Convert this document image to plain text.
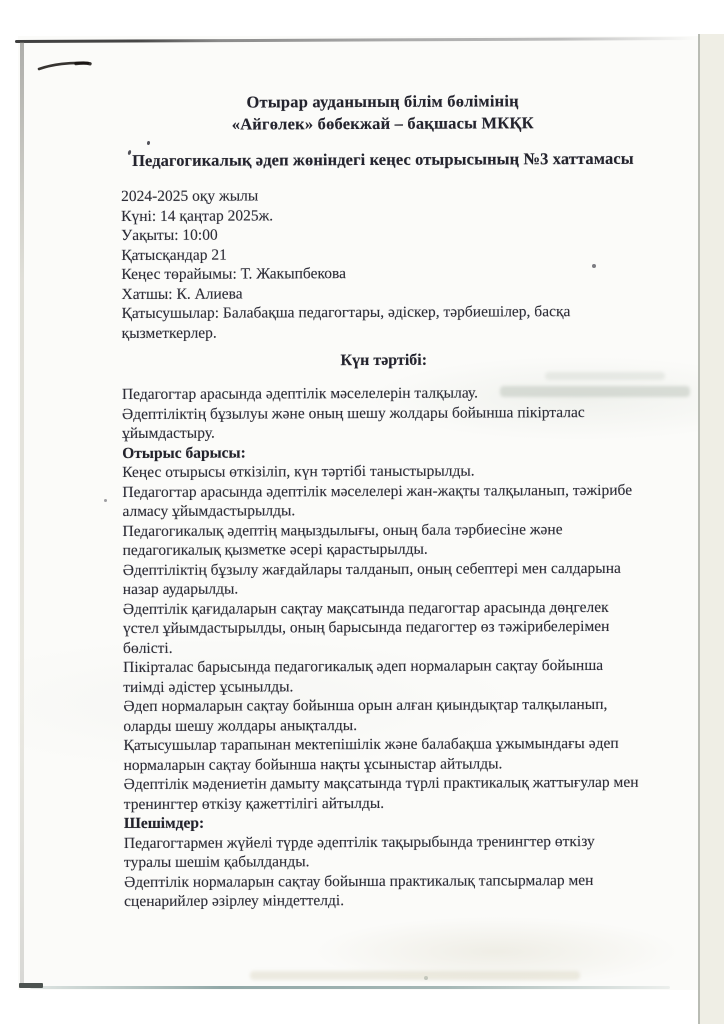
Отырар ауданының білім бөлімінің
«Айгөлек» бөбекжай – бақшасы МКҚК
Педагогикалық әдеп жөніндегі кеңес отырысының №3 хаттамасы

2024-2025 оқу жылы

Күні: 14 қаңтар 2025ж.

Уақыты: 10:00

Қатысқандар 21

Кеңес төрайымы: Т. Жакыпбекова

Хатшы: К. Алиева

Қатысушылар: Балабақша педагогтары, әдіскер, тәрбиешілер, басқа
қызметкерлер.

Күн тәртібі:

Педагогтар арасында әдептілік мәселелерін талқылау.

Әдептіліктің бұзылуы және оның шешу жолдары бойынша пікірталас
ұйымдастыру.

Отырыс барысы:

Кеңес отырысы өткізіліп, күн тәртібі таныстырылды.

Педагогтар арасында әдептілік мәселелері жан-жақты талқыланып, тәжірибе
алмасу ұйымдастырылды.

Педагогикалық әдептің маңыздылығы, оның бала тәрбиесіне және
педагогикалық қызметке әсері қарастырылды.

Әдептіліктің бұзылу жағдайлары талданып, оның себептері мен салдарына
назар аударылды.

Әдептілік қағидаларын сақтау мақсатында педагогтар арасында дөңгелек
үстел ұйымдастырылды, оның барысында педагогтер өз тәжірибелерімен
бөлісті.

Пікірталас барысында педагогикалық әдеп нормаларын сақтау бойынша
тиімді әдістер ұсынылды.

Әдеп нормаларын сақтау бойынша орын алған қиындықтар талқыланып,
оларды шешу жолдары анықталды.

Қатысушылар тарапынан мектепішілік және балабақша ұжымындағы әдеп
нормаларын сақтау бойынша нақты ұсыныстар айтылды.

Әдептілік мәдениетін дамыту мақсатында түрлі практикалық жаттығулар мен
тренингтер өткізу қажеттілігі айтылды.

Шешімдер:

Педагогтармен жүйелі түрде әдептілік тақырыбында тренингтер өткізу
туралы шешім қабылданды.

Әдептілік нормаларын сақтау бойынша практикалық тапсырмалар мен
сценарийлер әзірлеу міндеттелді.
